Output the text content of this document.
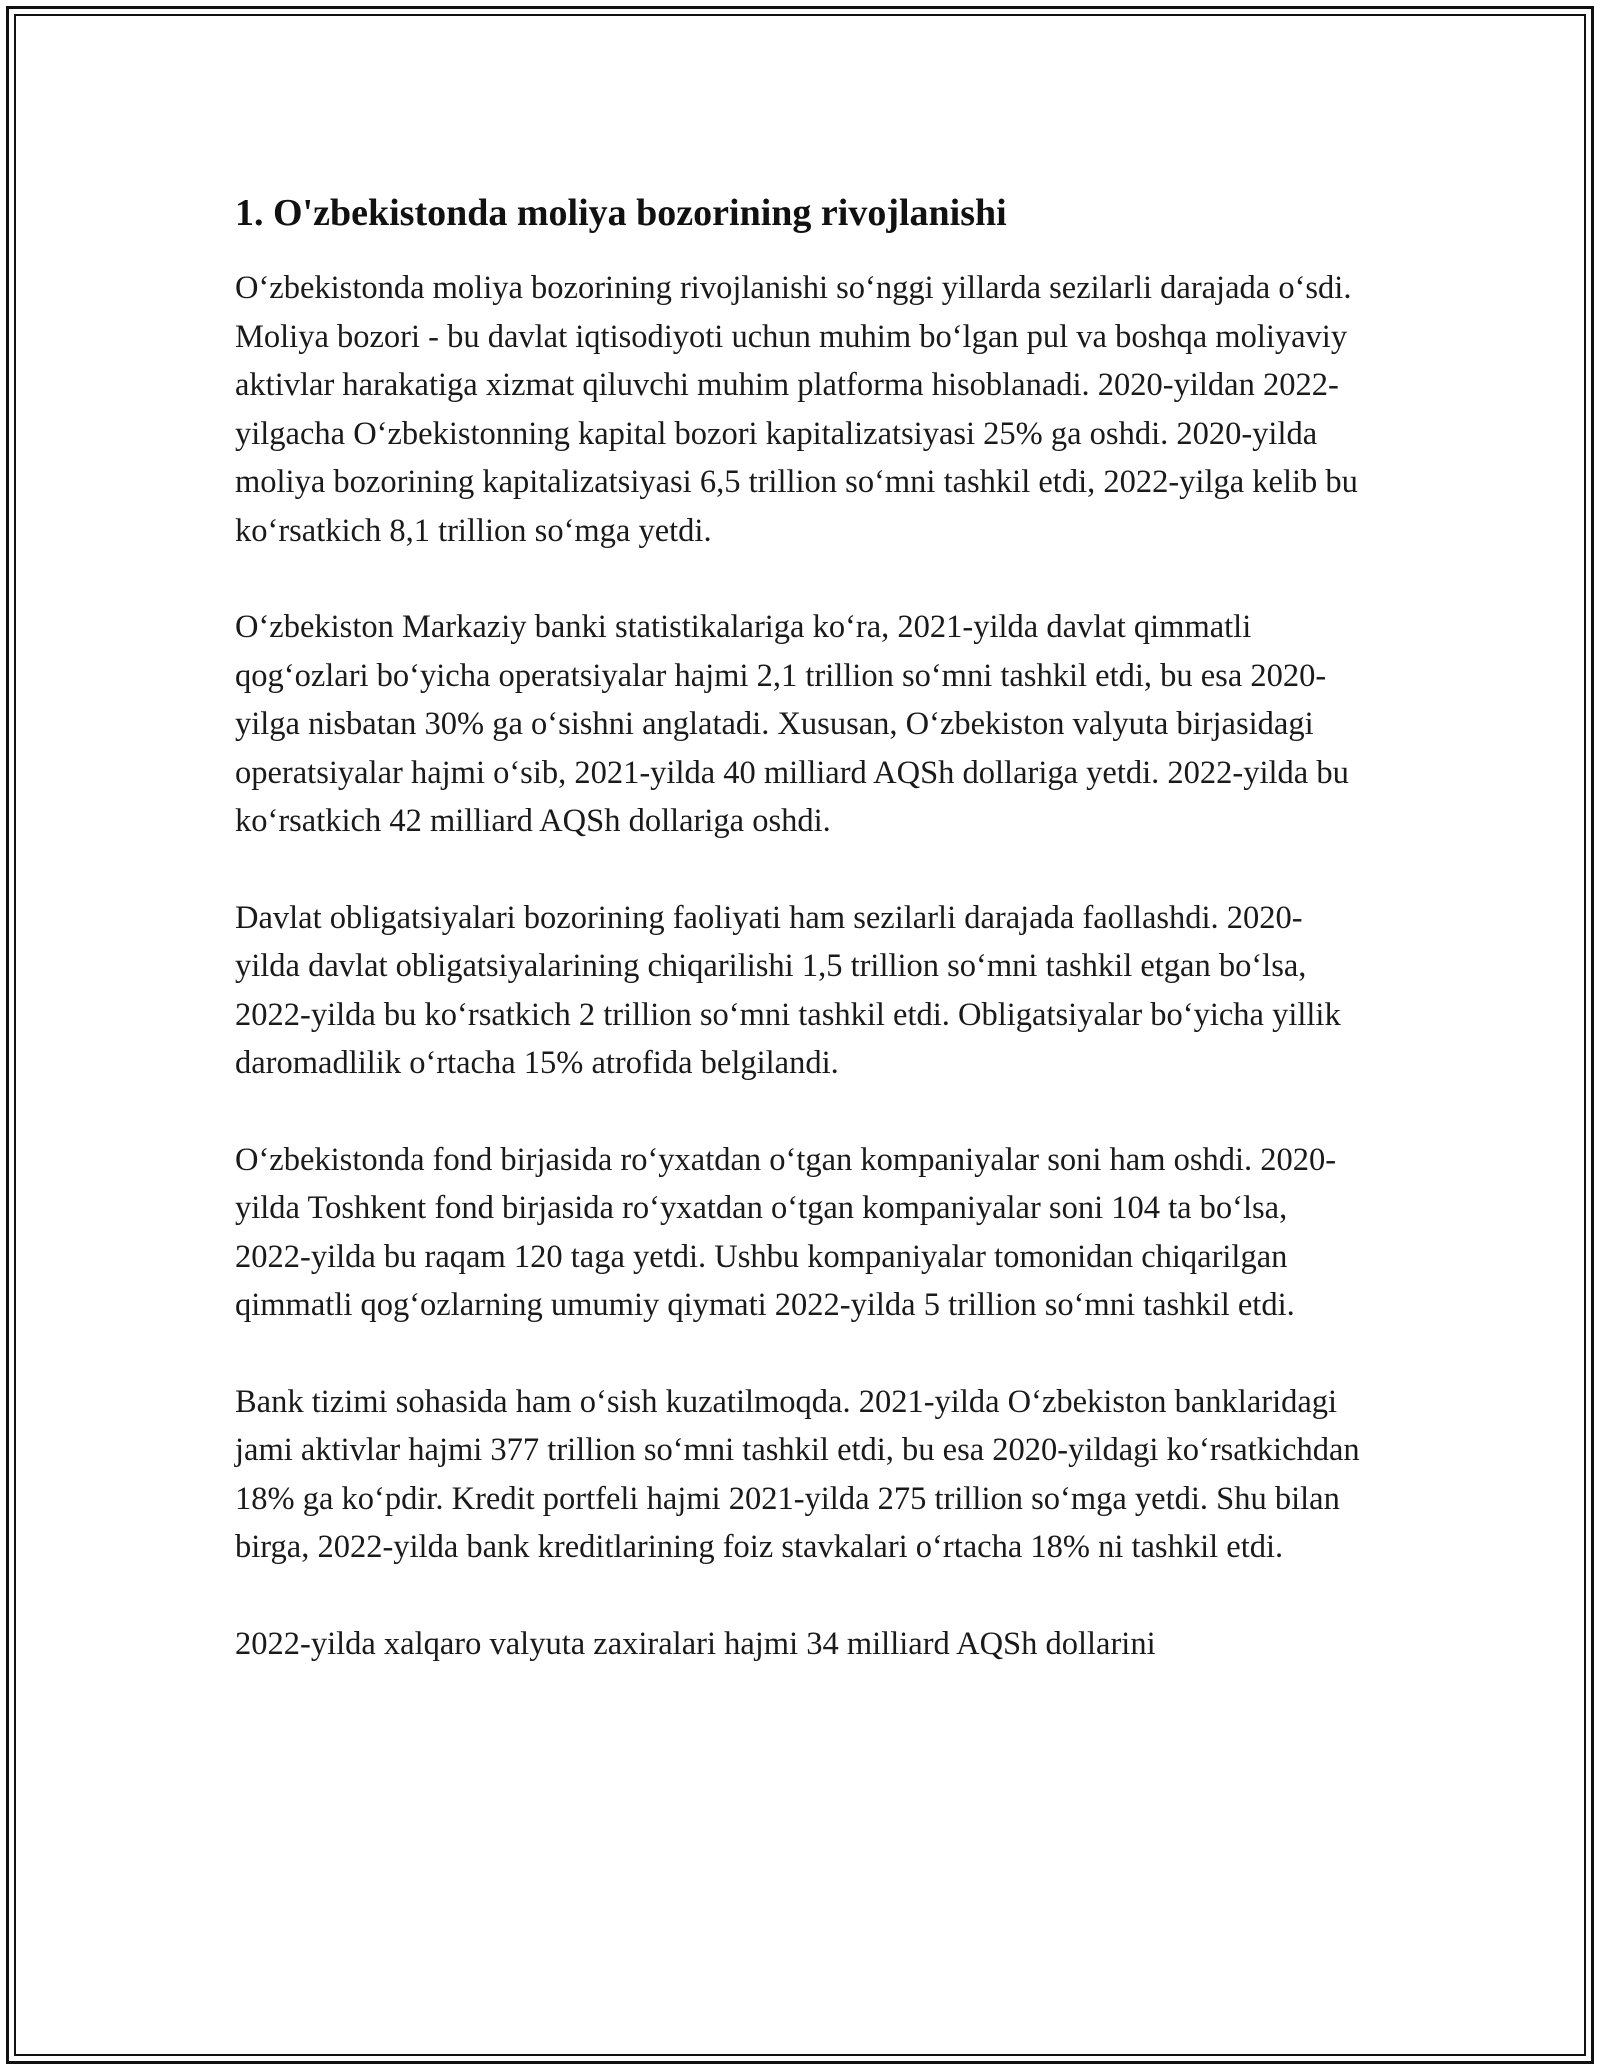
1. O'zbekistonda moliya bozorining rivojlanishi

O‘zbekistonda moliya bozorining rivojlanishi so‘nggi yillarda sezilarli darajada o‘sdi. Moliya bozori - bu davlat iqtisodiyoti uchun muhim bo‘lgan pul va boshqa moliyaviy aktivlar harakatiga xizmat qiluvchi muhim platforma hisoblanadi. 2020-yildan 2022-yilgacha O‘zbekistonning kapital bozori kapitalizatsiyasi 25% ga oshdi. 2020-yilda moliya bozorining kapitalizatsiyasi 6,5 trillion so‘mni tashkil etdi, 2022-yilga kelib bu ko‘rsatkich 8,1 trillion so‘mga yetdi.

O‘zbekiston Markaziy banki statistikalariga ko‘ra, 2021-yilda davlat qimmatli qog‘ozlari bo‘yicha operatsiyalar hajmi 2,1 trillion so‘mni tashkil etdi, bu esa 2020-yilga nisbatan 30% ga o‘sishni anglatadi. Xususan, O‘zbekiston valyuta birjasidagi operatsiyalar hajmi o‘sib, 2021-yilda 40 milliard AQSh dollariga yetdi. 2022-yilda bu ko‘rsatkich 42 milliard AQSh dollariga oshdi.

Davlat obligatsiyalari bozorining faoliyati ham sezilarli darajada faollashdi. 2020-yilda davlat obligatsiyalarining chiqarilishi 1,5 trillion so‘mni tashkil etgan bo‘lsa, 2022-yilda bu ko‘rsatkich 2 trillion so‘mni tashkil etdi. Obligatsiyalar bo‘yicha yillik daromadlilik o‘rtacha 15% atrofida belgilandi.

O‘zbekistonda fond birjasida ro‘yxatdan o‘tgan kompaniyalar soni ham oshdi. 2020-yilda Toshkent fond birjasida ro‘yxatdan o‘tgan kompaniyalar soni 104 ta bo‘lsa, 2022-yilda bu raqam 120 taga yetdi. Ushbu kompaniyalar tomonidan chiqarilgan qimmatli qog‘ozlarning umumiy qiymati 2022-yilda 5 trillion so‘mni tashkil etdi.

Bank tizimi sohasida ham o‘sish kuzatilmoqda. 2021-yilda O‘zbekiston banklaridagi jami aktivlar hajmi 377 trillion so‘mni tashkil etdi, bu esa 2020-yildagi ko‘rsatkichdan 18% ga ko‘pdir. Kredit portfeli hajmi 2021-yilda 275 trillion so‘mga yetdi. Shu bilan birga, 2022-yilda bank kreditlarining foiz stavkalari o‘rtacha 18% ni tashkil etdi.

2022-yilda xalqaro valyuta zaxiralari hajmi 34 milliard AQSh dollarini
